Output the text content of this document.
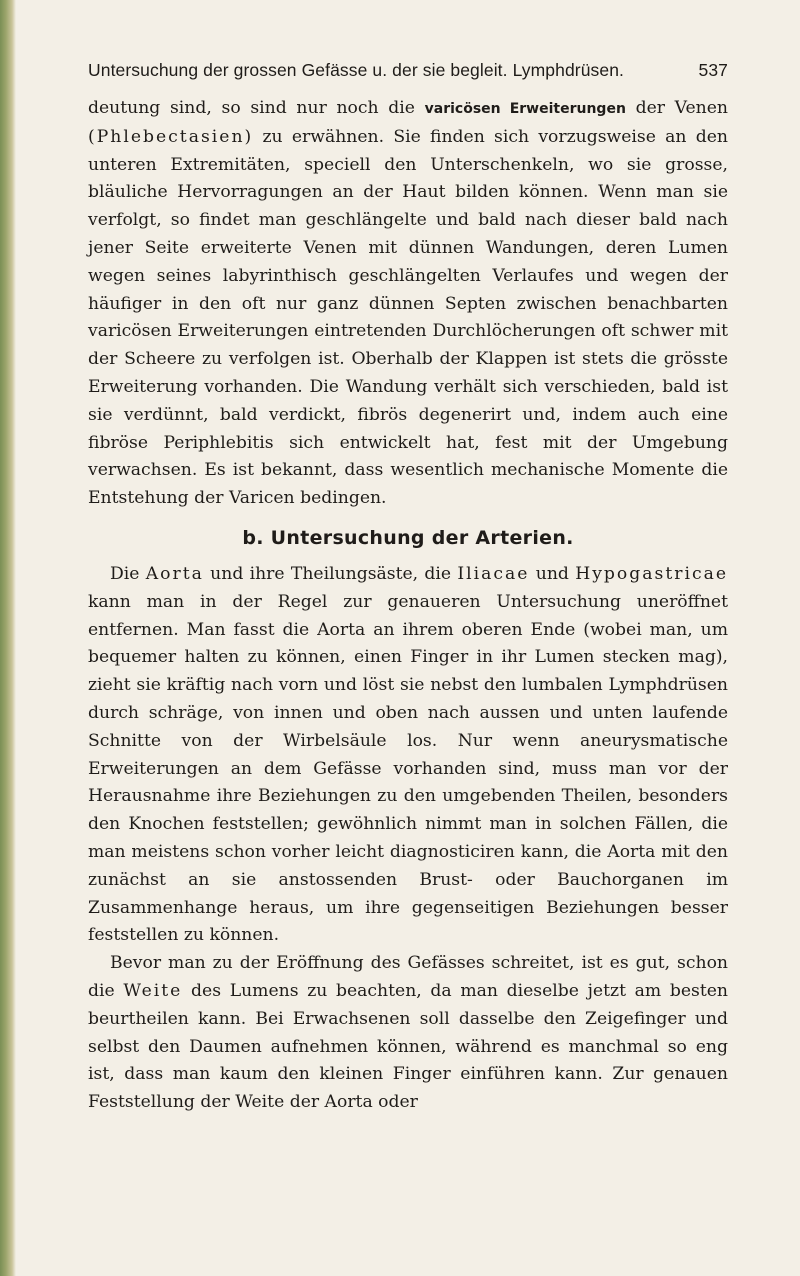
Untersuchung der grossen Gefässe u. der sie begleit. Lymphdrüsen.	537

deutung sind, so sind nur noch die varicösen Erweiterungen der Venen (Phlebectasien) zu erwähnen. Sie finden sich vorzugsweise an den unteren Extremitäten, speciell den Unterschenkeln, wo sie grosse, bläuliche Hervorragungen an der Haut bilden können. Wenn man sie verfolgt, so findet man geschlängelte und bald nach dieser bald nach jener Seite erweiterte Venen mit dünnen Wandungen, deren Lumen wegen seines labyrinthisch geschlängelten Verlaufes und wegen der häufiger in den oft nur ganz dünnen Septen zwischen benachbarten varicösen Erweiterungen eintretenden Durchlöcherungen oft schwer mit der Scheere zu verfolgen ist. Oberhalb der Klappen ist stets die grösste Erweiterung vorhanden. Die Wandung verhält sich verschieden, bald ist sie verdünnt, bald verdickt, fibrös degenerirt und, indem auch eine fibröse Periphlebitis sich entwickelt hat, fest mit der Umgebung verwachsen. Es ist bekannt, dass wesentlich mechanische Momente die Entstehung der Varicen bedingen.

b. Untersuchung der Arterien.

Die Aorta und ihre Theilungsäste, die Iliacae und Hypogastricae kann man in der Regel zur genaueren Untersuchung uneröffnet entfernen. Man fasst die Aorta an ihrem oberen Ende (wobei man, um bequemer halten zu können, einen Finger in ihr Lumen stecken mag), zieht sie kräftig nach vorn und löst sie nebst den lumbalen Lymphdrüsen durch schräge, von innen und oben nach aussen und unten laufende Schnitte von der Wirbelsäule los. Nur wenn aneurysmatische Erweiterungen an dem Gefässe vorhanden sind, muss man vor der Herausnahme ihre Beziehungen zu den umgebenden Theilen, besonders den Knochen feststellen; gewöhnlich nimmt man in solchen Fällen, die man meistens schon vorher leicht diagnosticiren kann, die Aorta mit den zunächst an sie anstossenden Brust- oder Bauchorganen im Zusammenhange heraus, um ihre gegenseitigen Beziehungen besser feststellen zu können.

Bevor man zu der Eröffnung des Gefässes schreitet, ist es gut, schon die Weite des Lumens zu beachten, da man dieselbe jetzt am besten beurtheilen kann. Bei Erwachsenen soll dasselbe den Zeigefinger und selbst den Daumen aufnehmen können, während es manchmal so eng ist, dass man kaum den kleinen Finger einführen kann. Zur genauen Feststellung der Weite der Aorta oder
